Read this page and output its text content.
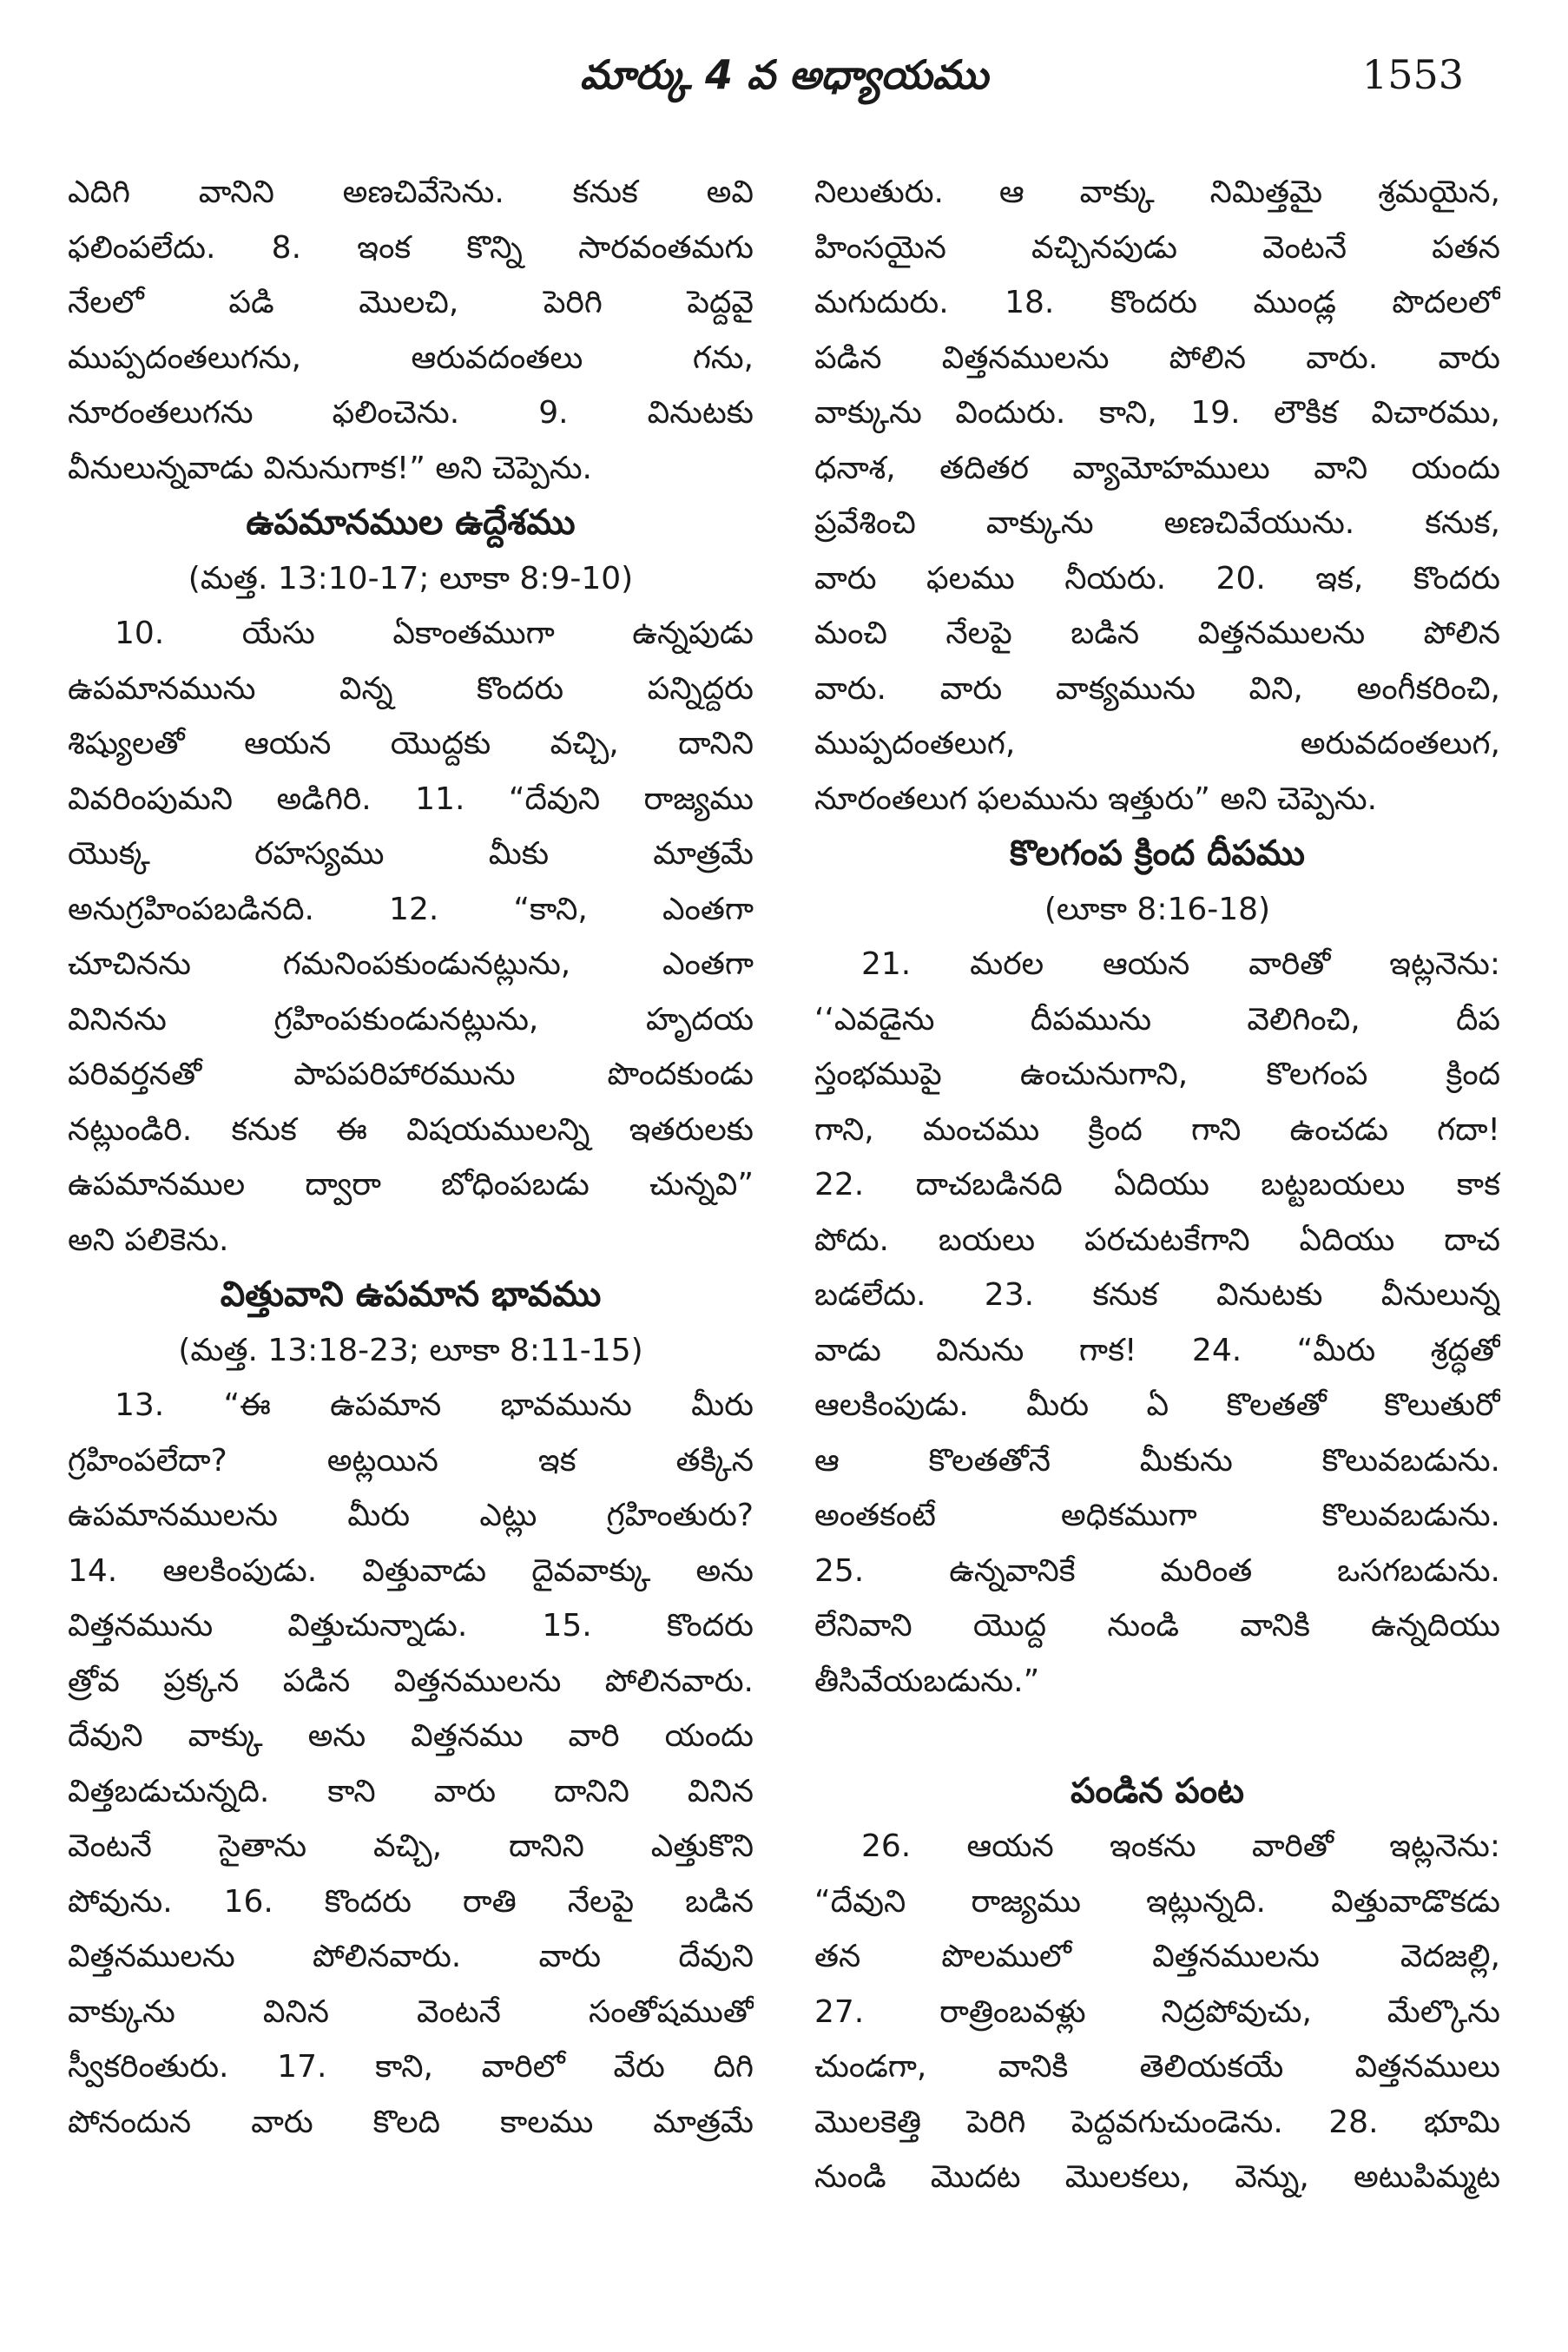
మార్కు 4 వ అధ్యాయము	1553
ఎదిగి వానిని అణచివేసెను. కనుక అవి
ఫలింపలేదు. 8. ఇంక కొన్ని సారవంతమగు
నేలలో పడి మొలచి, పెరిగి పెద్దవై
ముప్పదంతలుగను, ఆరువదంతలు గను,
నూరంతలుగను ఫలించెను. 9. వినుటకు
వీనులున్నవాడు వినునుగాక!” అని చెప్పెను.
ఉపమానముల ఉద్దేశము
(మత్త. 13:10-17; లూకా 8:9-10)
10. యేసు ఏకాంతముగా ఉన్నపుడు
ఉపమానమును విన్న కొందరు పన్నిద్దరు
శిష్యులతో ఆయన యొద్దకు వచ్చి, దానిని
వివరింపుమని అడిగిరి. 11. “దేవుని రాజ్యము
యొక్క రహస్యము మీకు మాత్రమే
అనుగ్రహింపబడినది. 12. “కాని, ఎంతగా
చూచినను గమనింపకుండునట్లును, ఎంతగా
వినినను గ్రహింపకుండునట్లును, హృదయ
పరివర్తనతో పాపపరిహారమును పొందకుండు
నట్లుండిరి. కనుక ఈ విషయములన్ని ఇతరులకు
ఉపమానముల ద్వారా బోధింపబడు చున్నవి”
అని పలికెను.
విత్తువాని ఉపమాన భావము
(మత్త. 13:18-23; లూకా 8:11-15)
13. “ఈ ఉపమాన భావమును మీరు
గ్రహింపలేదా? అట్లయిన ఇక తక్కిన
ఉపమానములను మీరు ఎట్లు గ్రహింతురు?
14. ఆలకింపుడు. విత్తువాడు దైవవాక్కు అను
విత్తనమును విత్తుచున్నాడు. 15. కొందరు
త్రోవ ప్రక్కన పడిన విత్తనములను పోలినవారు.
దేవుని వాక్కు అను విత్తనము వారి యందు
విత్తబడుచున్నది. కాని వారు దానిని వినిన
వెంటనే సైతాను వచ్చి, దానిని ఎత్తుకొని
పోవును. 16. కొందరు రాతి నేలపై బడిన
విత్తనములను పోలినవారు. వారు దేవుని
వాక్కును వినిన వెంటనే సంతోషముతో
స్వీకరింతురు. 17. కాని, వారిలో వేరు దిగి
పోనందున వారు కొలది కాలము మాత్రమే
నిలుతురు. ఆ వాక్కు నిమిత్తమై శ్రమయైన,
హింసయైన వచ్చినపుడు వెంటనే పతన
మగుదురు. 18. కొందరు ముండ్ల పొదలలో
పడిన విత్తనములను పోలిన వారు. వారు
వాక్కును విందురు. కాని, 19. లౌకిక విచారము,
ధనాశ, తదితర వ్యామోహములు వాని యందు
ప్రవేశించి వాక్కును అణచివేయును. కనుక,
వారు ఫలము నీయరు. 20. ఇక, కొందరు
మంచి నేలపై బడిన విత్తనములను పోలిన
వారు. వారు వాక్యమును విని, అంగీకరించి,
ముప్పదంతలుగ, అరువదంతలుగ,
నూరంతలుగ ఫలమును ఇత్తురు” అని చెప్పెను.
కొలగంప క్రింద దీపము
(లూకా 8:16-18)
21. మరల ఆయన వారితో ఇట్లనెను:
‘‘ఎవడైను దీపమును వెలిగించి, దీప
స్తంభముపై ఉంచునుగాని, కొలగంప క్రింద
గాని, మంచము క్రింద గాని ఉంచడు గదా!
22. దాచబడినది ఏదియు బట్టబయలు కాక
పోదు. బయలు పరచుటకేగాని ఏదియు దాచ
బడలేదు. 23. కనుక వినుటకు వీనులున్న
వాడు వినును గాక! 24. “మీరు శ్రద్ధతో
ఆలకింపుడు. మీరు ఏ కొలతతో కొలుతురో
ఆ కొలతతోనే మీకును కొలువబడును.
అంతకంటే అధికముగా కొలువబడును.
25. ఉన్నవానికే మరింత ఒసగబడును.
లేనివాని యొద్ద నుండి వానికి ఉన్నదియు
తీసివేయబడును.”
పండిన పంట
26. ఆయన ఇంకను వారితో ఇట్లనెను:
“దేవుని రాజ్యము ఇట్లున్నది. విత్తువాడొకడు
తన పొలములో విత్తనములను వెదజల్లి,
27. రాత్రింబవళ్లు నిద్రపోవుచు, మేల్కొను
చుండగా, వానికి తెలియకయే విత్తనములు
మొలకెత్తి పెరిగి పెద్దవగుచుండెను. 28. భూమి
నుండి మొదట మొలకలు, వెన్ను, అటుపిమ్మట
